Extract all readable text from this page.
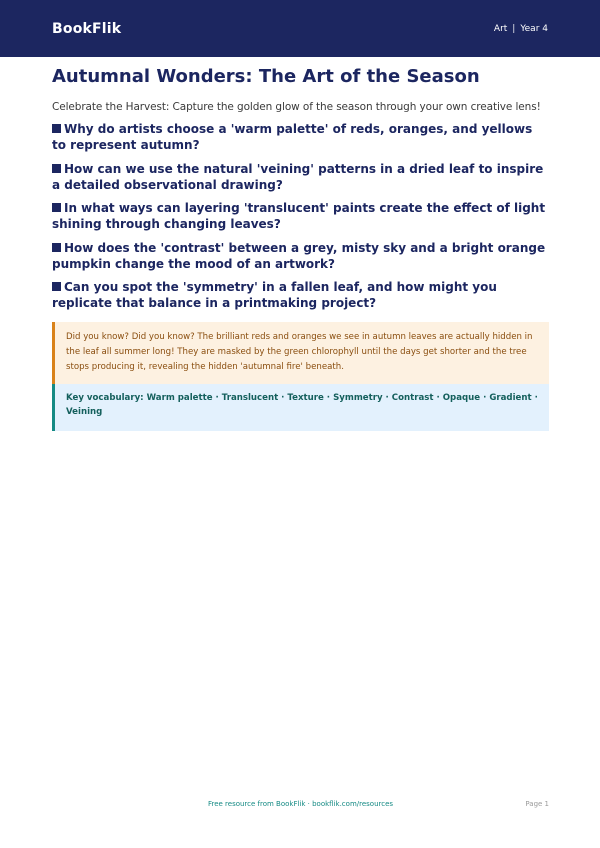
BookFlik	Art | Year 4
Autumnal Wonders: The Art of the Season

Celebrate the Harvest: Capture the golden glow of the season through your own creative lens!

Why do artists choose a 'warm palette' of reds, oranges, and yellows to represent autumn?
How can we use the natural 'veining' patterns in a dried leaf to inspire a detailed observational drawing?
In what ways can layering 'translucent' paints create the effect of light shining through changing leaves?
How does the 'contrast' between a grey, misty sky and a bright orange pumpkin change the mood of an artwork?
Can you spot the 'symmetry' in a fallen leaf, and how might you replicate that balance in a printmaking project?
Did you know? Did you know? The brilliant reds and oranges we see in autumn leaves are actually hidden in the leaf all summer long! They are masked by the green chlorophyll until the days get shorter and the tree stops producing it, revealing the hidden 'autumnal fire' beneath.
Key vocabulary: Warm palette · Translucent · Texture · Symmetry · Contrast · Opaque · Gradient · Veining
Free resource from BookFlik · bookflik.com/resources	Page 1
